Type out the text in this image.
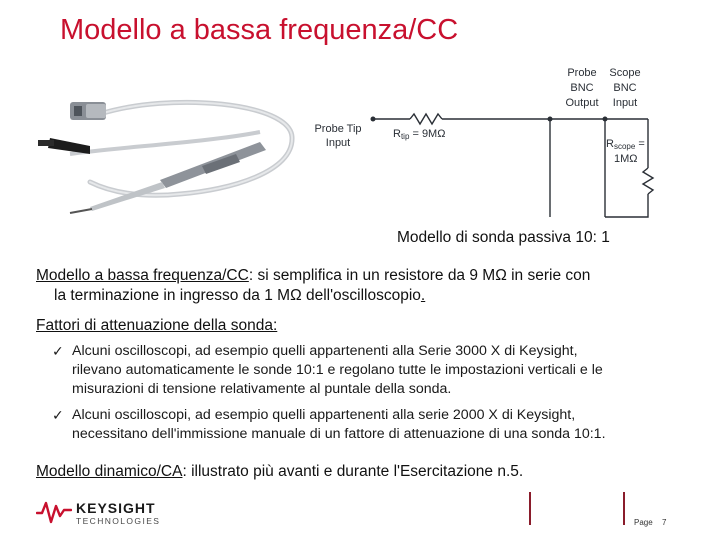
Modello a bassa frequenza/CC
Probe
BNC
Output
Scope
BNC
Input
Probe Tip
Input
Rtip = 9MΩ
Rscope =
1MΩ
Modello di sonda passiva 10: 1
Modello a bassa frequenza/CC: si semplifica in un resistore da 9 MΩ in serie con
la terminazione in ingresso da 1 MΩ dell'oscilloscopio.
Fattori di attenuazione della sonda:
✓ Alcuni oscilloscopi, ad esempio quelli appartenenti alla Serie 3000 X di Keysight,
rilevano automaticamente le sonde 10:1 e regolano tutte le impostazioni verticali e le
misurazioni di tensione relativamente al puntale della sonda.
✓ Alcuni oscilloscopi, ad esempio quelli appartenenti alla serie 2000 X di Keysight,
necessitano dell'immissione manuale di un fattore di attenuazione di una sonda 10:1.
Modello dinamico/CA: illustrato più avanti e durante l'Esercitazione n.5.
KEYSIGHT
TECHNOLOGIES	Page 7
